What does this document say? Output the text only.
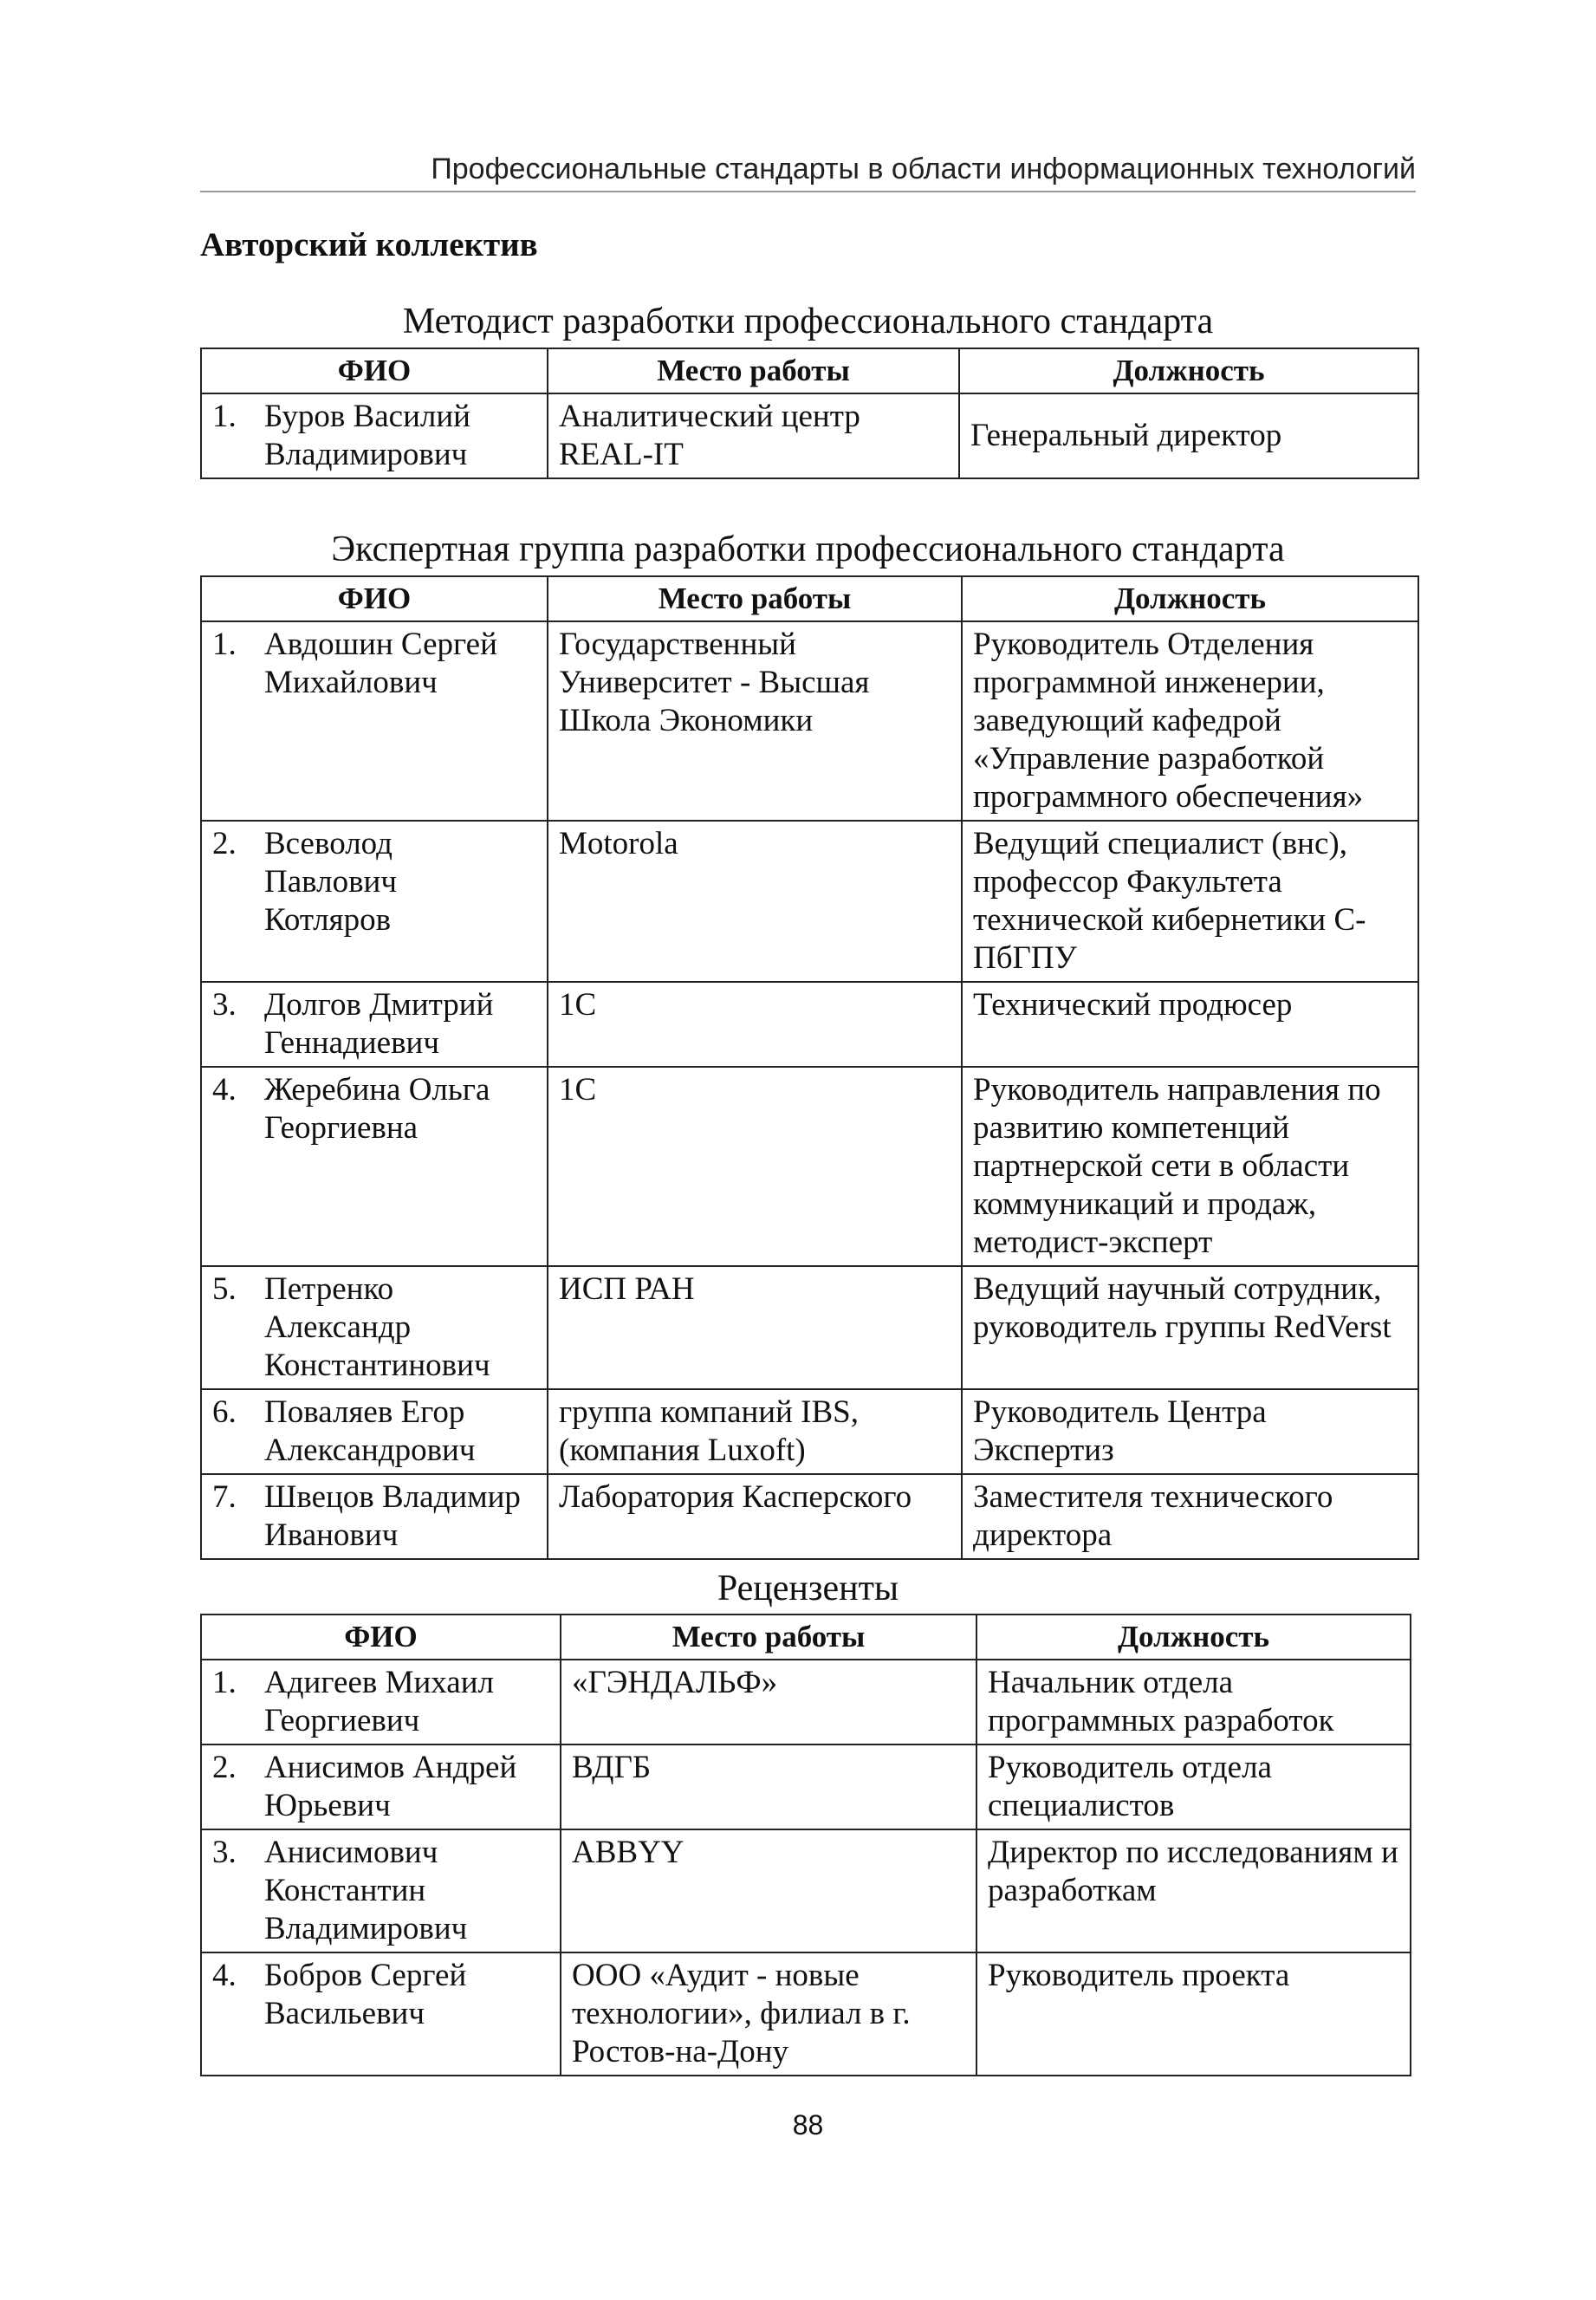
Профессиональные стандарты в области информационных технологий
Авторский коллектив
Методист разработки профессионального стандарта
ФИО	Место работы	Должность
1. Буров Василий Владимирович	Аналитический центр REAL-IT	Генеральный директор
Экспертная группа разработки профессионального стандарта
ФИО	Место работы	Должность
1. Авдошин Сергей Михайлович	Государственный Университет - Высшая Школа Экономики	Руководитель Отделения программной инженерии, заведующий кафедрой «Управление разработкой программного обеспечения»
2. Всеволод Павлович Котляров	Motorola	Ведущий специалист (внс), профессор Факультета технической кибернетики С-ПбГПУ
3. Долгов Дмитрий Геннадиевич	1С	Технический продюсер
4. Жеребина Ольга Георгиевна	1С	Руководитель направления по развитию компетенций партнерской сети в области коммуникаций и продаж, методист-эксперт
5. Петренко Александр Константинович	ИСП РАН	Ведущий научный сотрудник, руководитель группы RedVerst
6. Поваляев Егор Александрович	группа компаний IBS, (компания Luxoft)	Руководитель Центра Экспертиз
7. Швецов Владимир Иванович	Лаборатория Касперского	Заместителя технического директора
Рецензенты
ФИО	Место работы	Должность
1. Адигеев Михаил Георгиевич	«ГЭНДАЛЬФ»	Начальник отдела программных разработок
2. Анисимов Андрей Юрьевич	ВДГБ	Руководитель отдела специалистов
3. Анисимович Константин Владимирович	ABBYY	Директор по исследованиям и разработкам
4. Бобров Сергей Васильевич	ООО «Аудит - новые технологии», филиал в г. Ростов-на-Дону	Руководитель проекта
88
